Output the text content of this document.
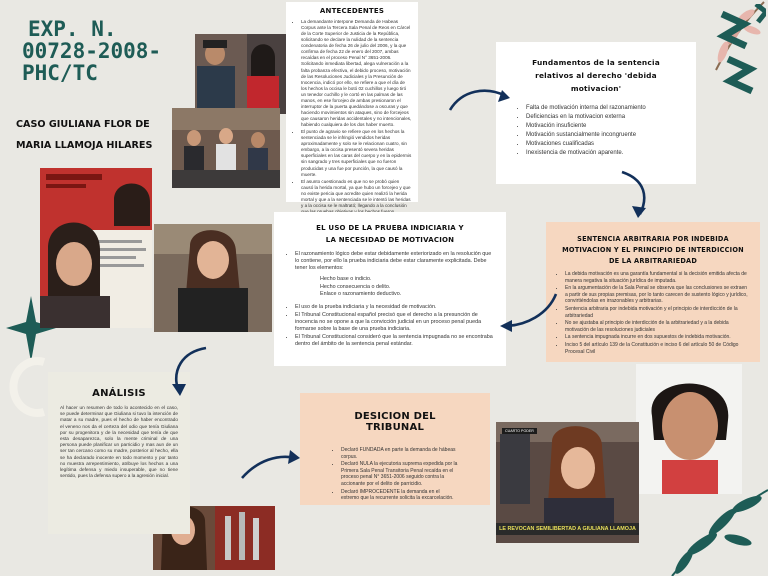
EXP. N.
00728-2008-
PHC/TC
CASO GIULIANA FLOR DE
MARIA LLAMOJA HILARES
CUARTO PODER
LE REVOCAN SEMILIBERTAD A GIULIANA LLAMOJA
ANTECEDENTES
• La demandante interpone Demanda de Habeas Corpus ante la Tercera Sala Penal de Reos en Cárcel de la Corte Superior de Justicia de la República, solicitando se declare la nulidad de la sentencia condenatoria de fecha 26 de julio del 2006, y la que confirma de fecha 22 de enero del 2007, ambas recaídas en el proceso Penal N° 3651-2006. Solicitando inmediata libertad, alega vulneración a la falta probanza efectiva, el debido proceso, motivación de las Resoluciones Judiciales y la Presunción de Inocencia, indicó por ello, se refiere a que el día de los hechos la occisa le botó 02 cuchillos y luego tiró un tenedor cuchillo y le cortó en las palmas de las manos, en ese forcejeo de ambas presionaron el interruptor de la puerta quedándose a oscuras y que haciendo movimientos sin ataques, sino de forcejeos que causaron heridas accidentales y no intencionales, habiendo cualquiera de los dos haber muerto.
• El punto de agravio se refiere que en los hechos la sentenciada se le infringió vendidos heridas aproximadamente y solo se le relacionan cuatro, sin embargo, a la occisa presentó severa heridas superficiales en las caras del cuerpo y en la epidermis sin sangrado y tres superficiales que no fueron producidas y una fue por punción, la que causó la muerte.
• El asunto cuestionado es que no se probó quien causó la herida mortal, ya que hubo un forcejeo y que no existe pericia que acredite quien realizó la herida mortal y que a la sentenciada se le intentó las heridas y a la occisa se le maltrató; llegando a la conclusión
Fundamentos de la sentencia relativos al derecho 'debida motivacion'
• Falta de motivación interna del razonamiento
• Deficiencias en la motivacion externa
• Motivación insuficiente
• Motivación sustancialmente incongruente
• Motivaciones cualificadas
• Inexistencia de motivación aparente.
EL USO DE LA PRUEBA INDICIARIA Y LA NECESIDAD DE MOTIVACION
• El razonamiento lógico debe estar debidamente exteriorizado en la resolución que lo contiene, por ello la prueba indiciaria debe estar claramente explicitada. Debe tener los elementos:
Hecho base o indicio.
Hecho consecuencia o delito.
Enlace o razonamiento deductivo.
• El uso de la prueba indiciaria y la necesidad de motivación.
• El Tribunal Constitucional español precisó que el derecho a la presunción de inocencia no se opone a que la convicción judicial en un proceso penal pueda formarse sobre la base de una prueba indiciaria.
• El Tribunal Constitucional consideró que la sentencia impugnada no se encontraba dentro del ámbito de la sentencia penal estándar.
SENTENCIA ARBITRARIA POR INDEBIDA MOTIVACION Y EL PRINCIPIO DE INTERDICCION DE LA ARBITRARIEDAD
• La debida motivación es una garantía fundamental si la decisión emitida afecta de manera negativa la situación jurídica de imputada.
• En la argumentación de la Sala Penal se observa que las conclusiones se extraen a partir de sus propias premisas, por lo tanto carecen de sustento lógico y jurídico, convirtiéndolas en irrazonables y arbitrarias.
• Sentencia arbitraria por indebida motivación y el principio de interdicción de la arbitrariedad
• No se ajustaba al principio de interdicción de la arbitrariedad y a la debida motivación de las resoluciones judiciales
• La sentencia impugnada incurre en dos supuestos de indebida motivación.
• Inciso 5 del artículo 139 de la Constitución e inciso 6 del artículo 50 de Código Procesal Civil
ANÁLISIS
Al hacer un resumen de todo lo acontecido en el caso, se puede determinar que Giuliana si tuvo la intención de matar a su madre, pues el hecho de haber encontrado el veneno nos da el certeza del odio que tenía Giuliana por su progenitora y de la necesidad que tenía de que esta desaparezca, solo la mente criminal de una persona puede planificar un parricidio y mas aun de un ser tan cercano como su madre, posterior al hecho, ella se ha declarado inocente en todo momento y por tanto no muestra arrepentimiento, atribuye los hechos a una legítima defensa y miedo insuperable, que no tiene sentido, pues la defensa supero a la agresión inicial.
DESICION DEL TRIBUNAL
• Declaró FUNDADA en parte la demanda de hábeas corpus.
• Declaró NULA la ejecutoria suprema expedida por la Primera Sala Penal Transitoria Penal recaída en el proceso penal N° 3651-2006 seguido contra la accionante por el delito de parricidio.
• Declaró IMPROCEDENTE la demanda en el extremo que la recurrente solicita la excarcelación.
